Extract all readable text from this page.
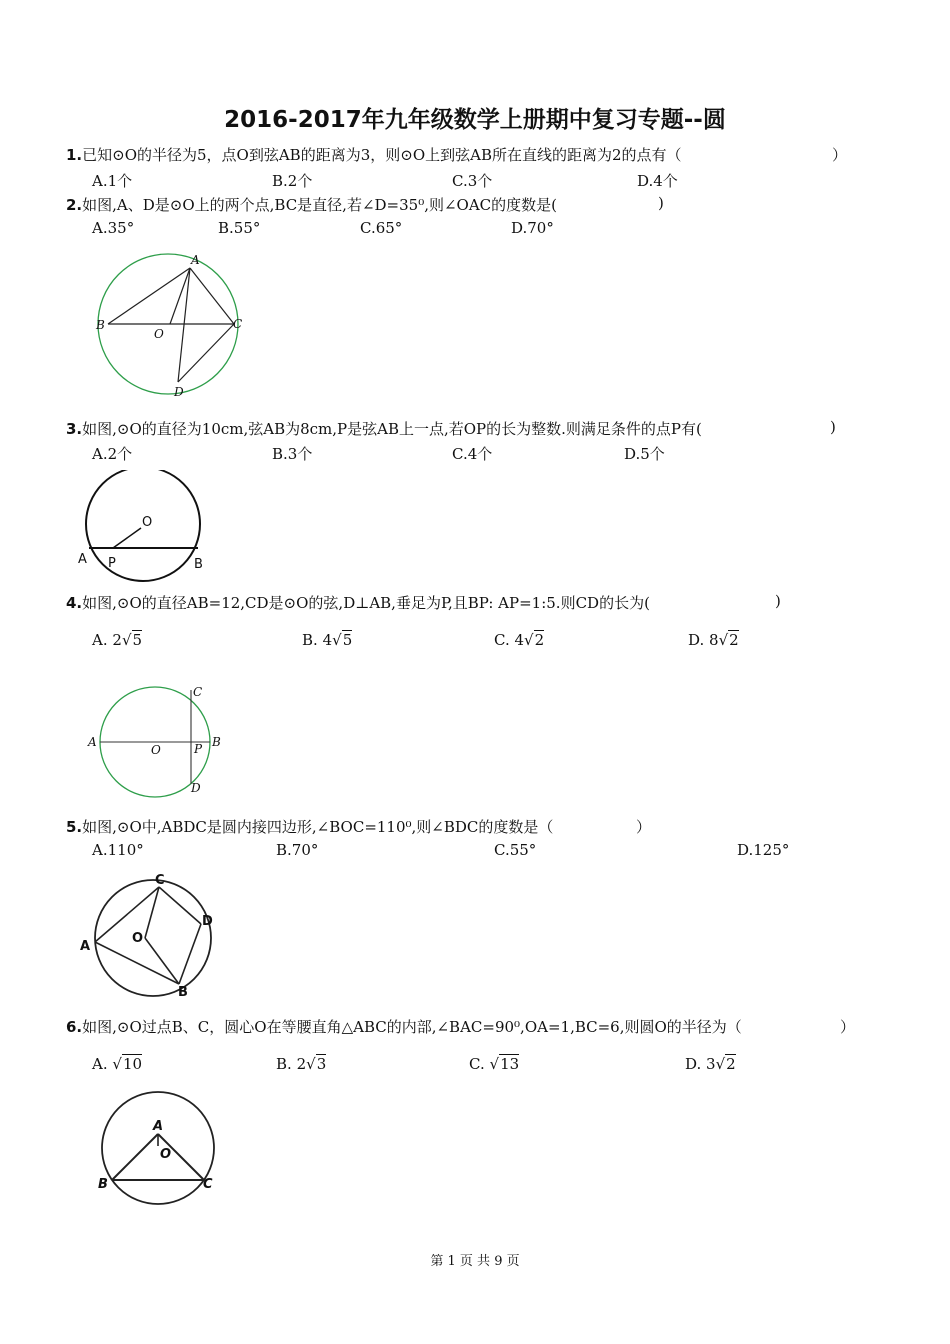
2016-2017年九年级数学上册期中复习专题--圆
1.已知⊙O的半径为5，点O到弦AB的距离为3，则⊙O上到弦AB所在直线的距离为2的点有（	）
A.1个	B.2个	C.3个	D.4个
2.如图,A、D是⊙O上的两个点,BC是直径,若∠D=35⁰,则∠OAC的度数是(	)
A.35°	B.55°	C.65°	D.70°
A
B
O
C
D
3.如图,⊙O的直径为10cm,弦AB为8cm,P是弦AB上一点,若OP的长为整数.则满足条件的点P有(	)
A.2个	B.3个	C.4个	D.5个
O
A P	B
4.如图,⊙O的直径AB=12,CD是⊙O的弦,D⊥AB,垂足为P,且BP: AP=1:5.则CD的长为(	)
A. 2√5	B. 4√5	C. 4√2	D. 8√2
C
A
O	P B
D
5.如图,⊙O中,ABDC是圆内接四边形,∠BOC=110⁰,则∠BDC的度数是（	）
A.110°	B.70°	C.55°	D.125°
C
D
A
O
B
6.如图,⊙O过点B、C，圆心O在等腰直角△ABC的内部,∠BAC=90⁰,OA=1,BC=6,则圆O的半径为（	）
A. √10	B. 2√3	C. √13	D. 3√2
A
O
B	C
第 1 页 共 9 页
